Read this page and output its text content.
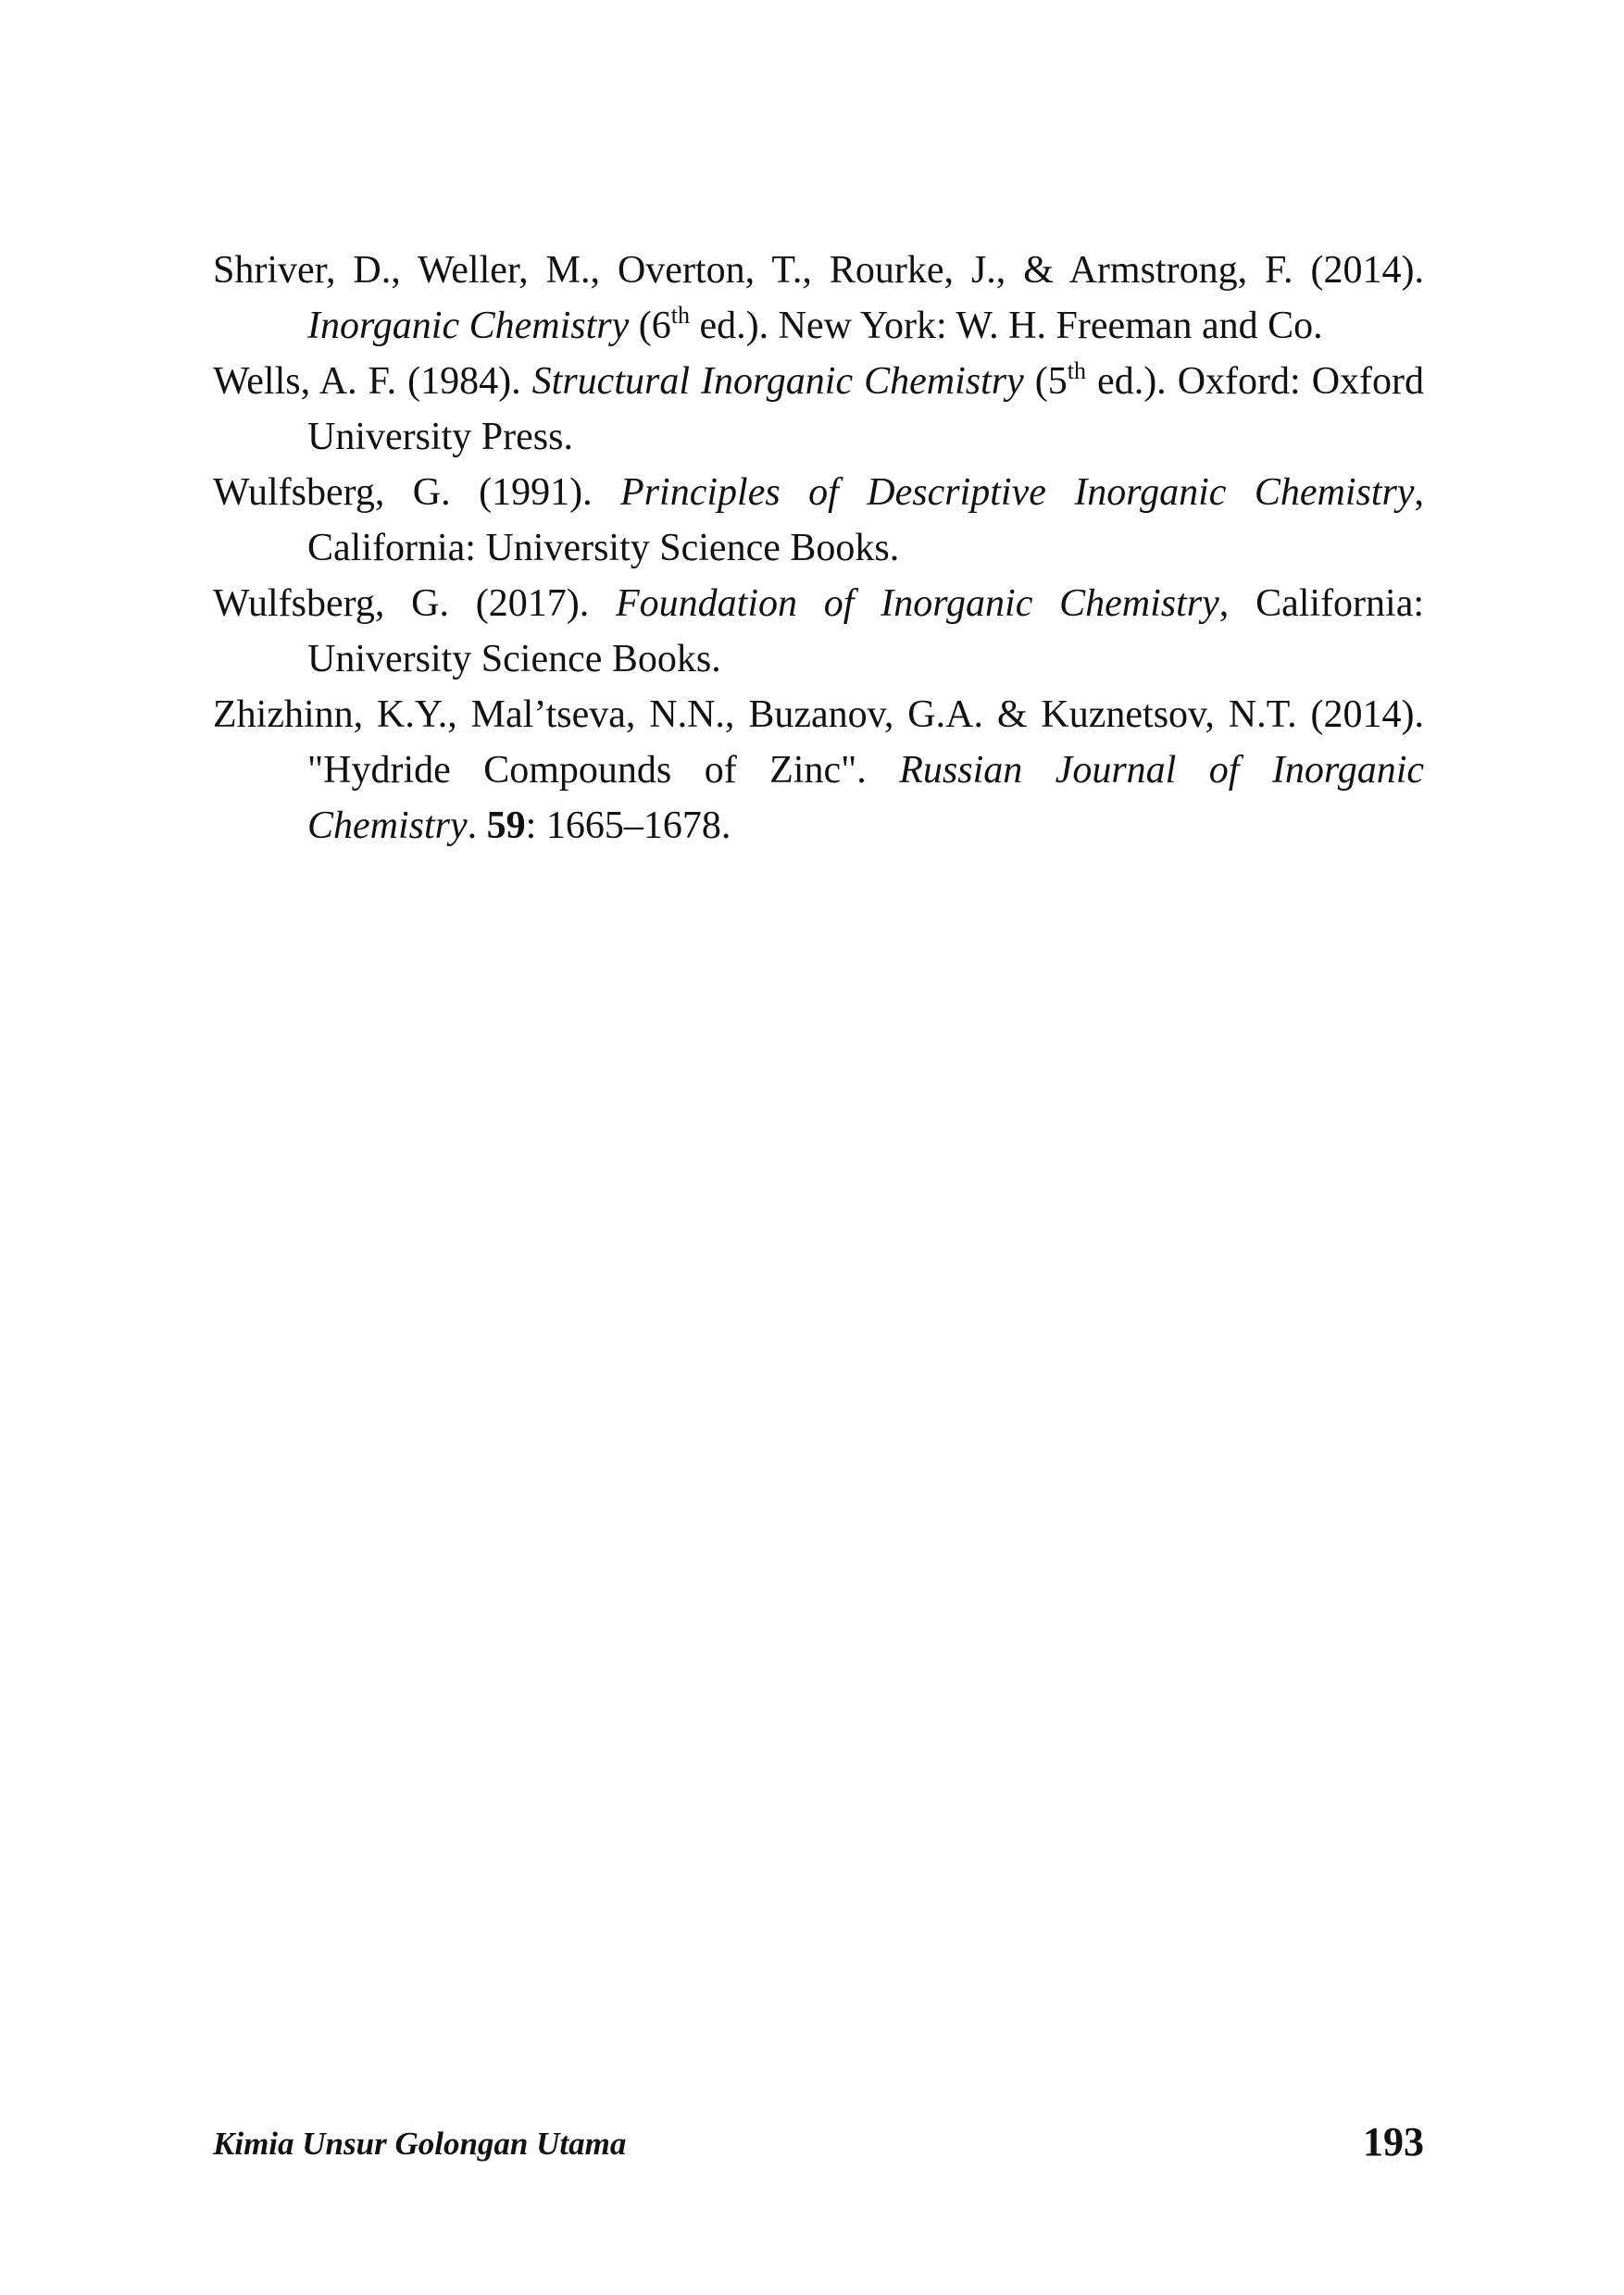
Shriver, D., Weller, M., Overton, T., Rourke, J., & Armstrong, F. (2014). Inorganic Chemistry (6th ed.). New York: W. H. Freeman and Co.

Wells, A. F. (1984). Structural Inorganic Chemistry (5th ed.). Oxford: Oxford University Press.

Wulfsberg, G. (1991). Principles of Descriptive Inorganic Chemistry, California: University Science Books.

Wulfsberg, G. (2017). Foundation of Inorganic Chemistry, California: University Science Books.

Zhizhinn, K.Y., Mal’tseva, N.N., Buzanov, G.A. & Kuznetsov, N.T. (2014). "Hydride Compounds of Zinc". Russian Journal of Inorganic Chemistry. 59: 1665–1678.

Kimia Unsur Golongan Utama	193
